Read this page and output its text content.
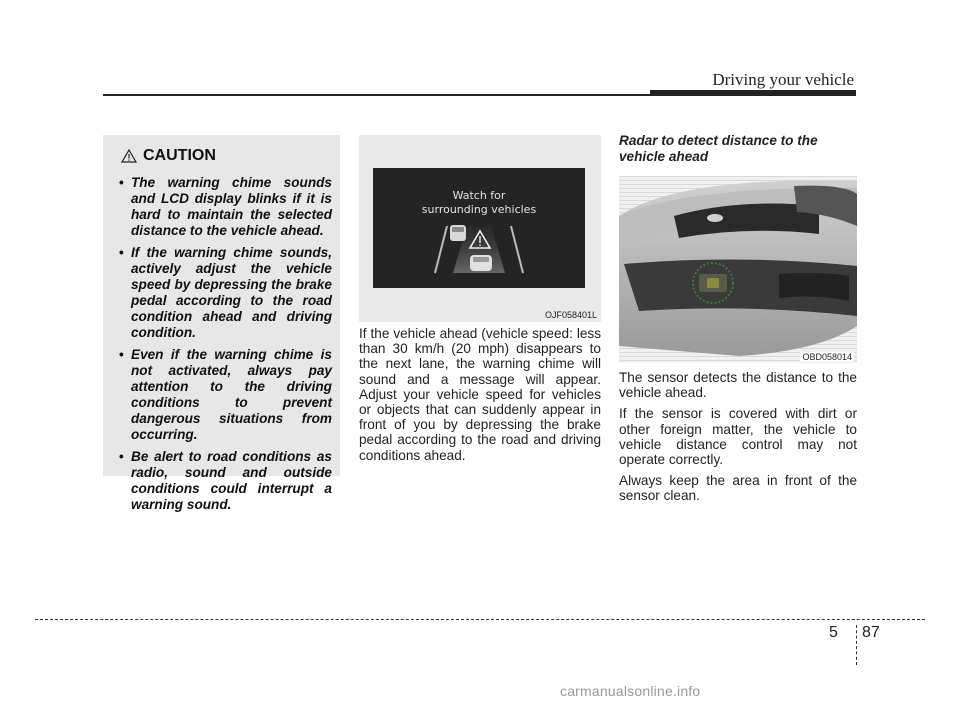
Driving your vehicle
CAUTION
• The warning chime sounds and LCD display blinks if it is hard to maintain the selected distance to the vehicle ahead.
• If the warning chime sounds, actively adjust the vehicle speed by depressing the brake pedal according to the road condition ahead and driving condition.
• Even if the warning chime is not activated, always pay attention to the driving conditions to prevent dangerous situations from occurring.
• Be alert to road conditions as radio, sound and outside conditions could interrupt a warning sound.
Watch for
surrounding vehicles
OJF058401L
If the vehicle ahead (vehicle speed: less than 30 km/h (20 mph) disappears to the next lane, the warning chime will sound and a message will appear. Adjust your vehicle speed for vehicles or objects that can suddenly appear in front of you by depressing the brake pedal according to the road and driving conditions ahead.
Radar to detect distance to the vehicle ahead
OBD058014

The sensor detects the distance to the vehicle ahead.

If the sensor is covered with dirt or other foreign matter, the vehicle to vehicle distance control may not operate correctly.

Always keep the area in front of the sensor clean.

5 87
carmanualsonline.info
